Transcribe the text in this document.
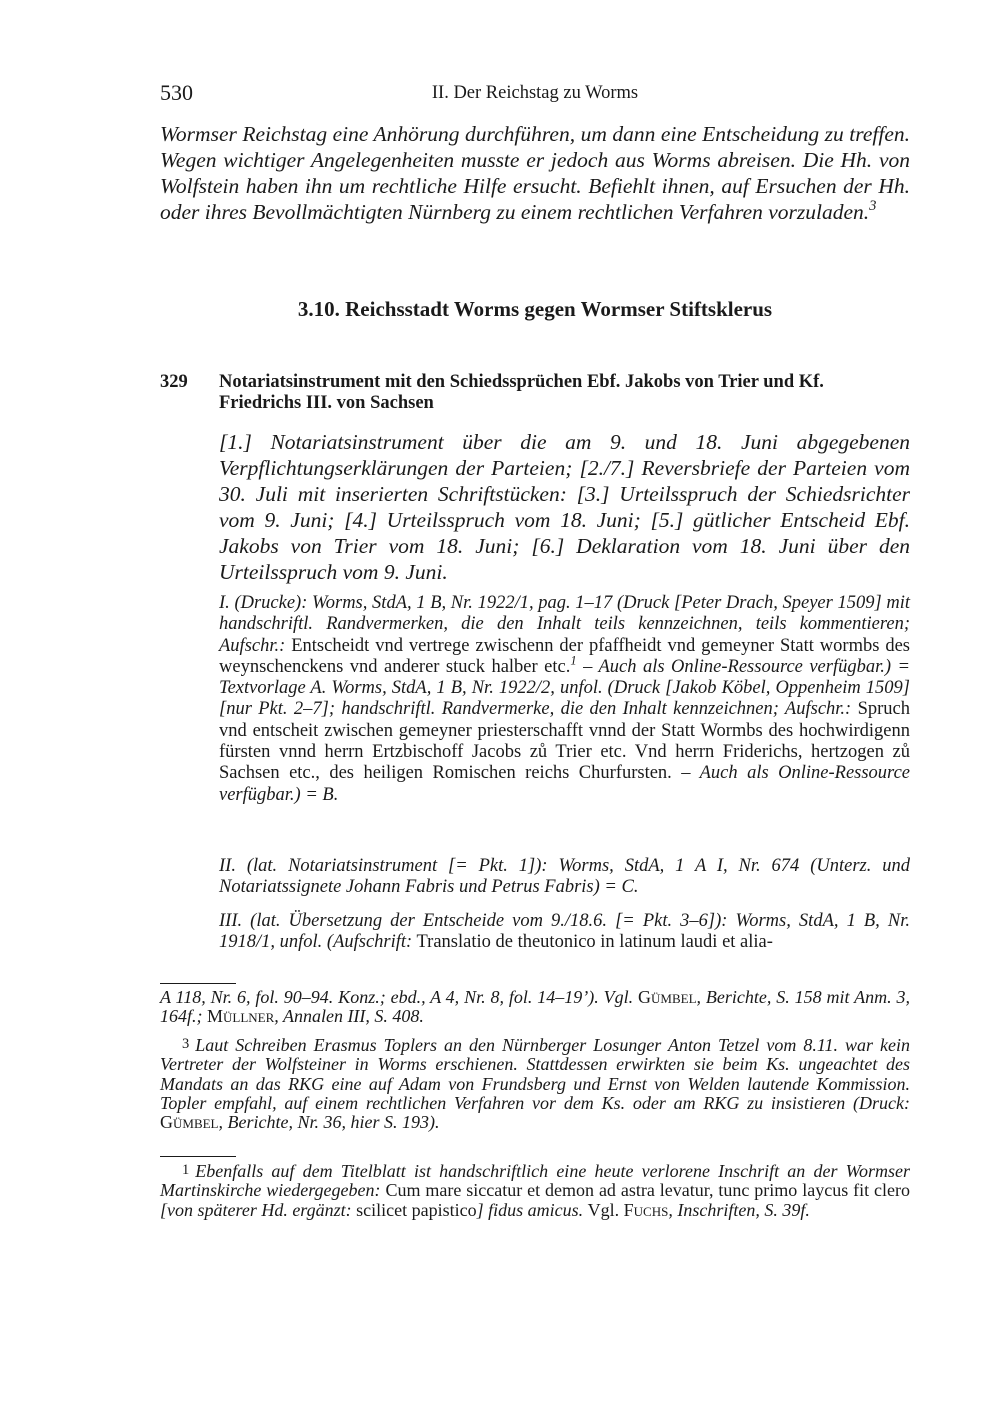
530	II. Der Reichstag zu Worms
Wormser Reichstag eine Anhörung durchführen, um dann eine Entscheidung zu treffen. Wegen wichtiger Angelegenheiten musste er jedoch aus Worms abreisen. Die Hh. von Wolfstein haben ihn um rechtliche Hilfe ersucht. Befiehlt ihnen, auf Ersuchen der Hh. oder ihres Bevollmächtigten Nürnberg zu einem rechtlichen Verfahren vorzuladen.$^3$
3.10. Reichsstadt Worms gegen Wormser Stiftsklerus
329 Notariatsinstrument mit den Schiedssprüchen Ebf. Jakobs von Trier und Kf. Friedrichs III. von Sachsen
[1.] Notariatsinstrument über die am 9. und 18. Juni abgegebenen Verpflichtungserklärungen der Parteien; [2./7.] Reversbriefe der Parteien vom 30. Juli mit inserierten Schriftstücken: [3.] Urteilsspruch der Schiedsrichter vom 9. Juni; [4.] Urteilsspruch vom 18. Juni; [5.] gütlicher Entscheid Ebf. Jakobs von Trier vom 18. Juni; [6.] Deklaration vom 18. Juni über den Urteilsspruch vom 9. Juni.
I. (Drucke): Worms, StdA, 1 B, Nr. 1922/1, pag. 1–17 (Druck [Peter Drach, Speyer 1509] mit handschriftl. Randvermerken, die den Inhalt teils kennzeichnen, teils kommentieren; Aufschr.: Entscheidt vnd vertrege zwischenn der pfaffheidt vnd gemeyner Statt wormbs des weynschenckens vnd anderer stuck halber etc.$^1$ – Auch als Online-Ressource verfügbar.) = Textvorlage A. Worms, StdA, 1 B, Nr. 1922/2, unfol. (Druck [Jakob Köbel, Oppenheim 1509] [nur Pkt. 2–7]; handschriftl. Randvermerke, die den Inhalt kennzeichnen; Aufschr.: Spruch vnd entscheit zwischen gemeyner priesterschafft vnnd der Statt Wormbs des hochwirdigenn fürsten vnnd herrn Ertzbischoff Jacobs zů Trier etc. Vnd herrn Friderichs, hertzogen zů Sachsen etc., des heiligen Romischen reichs Churfursten. – Auch als Online-Ressource verfügbar.) = B.
II. (lat. Notariatsinstrument [= Pkt. 1]): Worms, StdA, 1 A I, Nr. 674 (Unterz. und Notariatssignete Johann Fabris und Petrus Fabris) = C.
III. (lat. Übersetzung der Entscheide vom 9./18.6. [= Pkt. 3–6]): Worms, StdA, 1 B, Nr. 1918/1, unfol. (Aufschrift: Translatio de theutonico in latinum laudi et alia-
A 118, Nr. 6, fol. 90–94. Konz.; ebd., A 4, Nr. 8, fol. 14–19’). Vgl. Gümbel, Berichte, S. 158 mit Anm. 3, 164f.; Müllner, Annalen III, S. 408.
3 Laut Schreiben Erasmus Toplers an den Nürnberger Losunger Anton Tetzel vom 8.11. war kein Vertreter der Wolfsteiner in Worms erschienen. Stattdessen erwirkten sie beim Ks. ungeachtet des Mandats an das RKG eine auf Adam von Frundsberg und Ernst von Welden lautende Kommission. Topler empfahl, auf einem rechtlichen Verfahren vor dem Ks. oder am RKG zu insistieren (Druck: Gümbel, Berichte, Nr. 36, hier S. 193).
1 Ebenfalls auf dem Titelblatt ist handschriftlich eine heute verlorene Inschrift an der Wormser Martinskirche wiedergegeben: Cum mare siccatur et demon ad astra levatur, tunc primo laycus fit clero [von späterer Hd. ergänzt: scilicet papistico] fidus amicus. Vgl. Fuchs, Inschriften, S. 39f.
